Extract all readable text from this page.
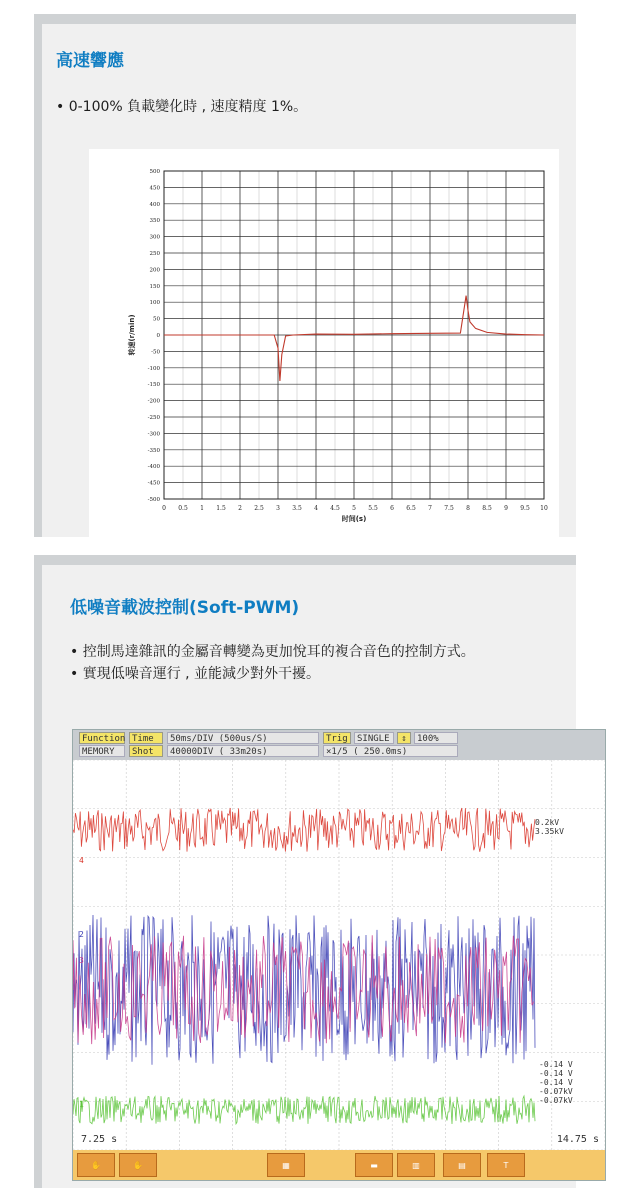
高速響應
• 0-100% 負載變化時 , 速度精度 1%。
0 0.5 1 1.5 2 2.5 3 3.5 4 4.5 5 5.5 6 6.5 7 7.5 8 8.5 9 9.5 10
500
450
400
350
300
250
200
150
100
50
0
-50
-100
-150
-200
-250
-300
-350
-400
-450
-500
时间(s)
转速(r/min)
低噪音載波控制(Soft-PWM)
• 控制馬達雜訊的金屬音轉變為更加悅耳的複合音色的控制方式。
• 實現低噪音運行 , 並能減少對外干擾。
Function Time	50ms/DIV (500us/S)	Trig	SINGLE	⇕	100%
MEMORY	Shot	40000DIV ( 33m20s)	×1/5 ( 250.0ms)
0.2kV
3.35kV
-0.14 V
-0.14 V
-0.14 V
-0.07kV
-0.07kV
4
2
3
1
7.25 s	14.75 s
✋	✋	▦	▬	▥	▤	T
